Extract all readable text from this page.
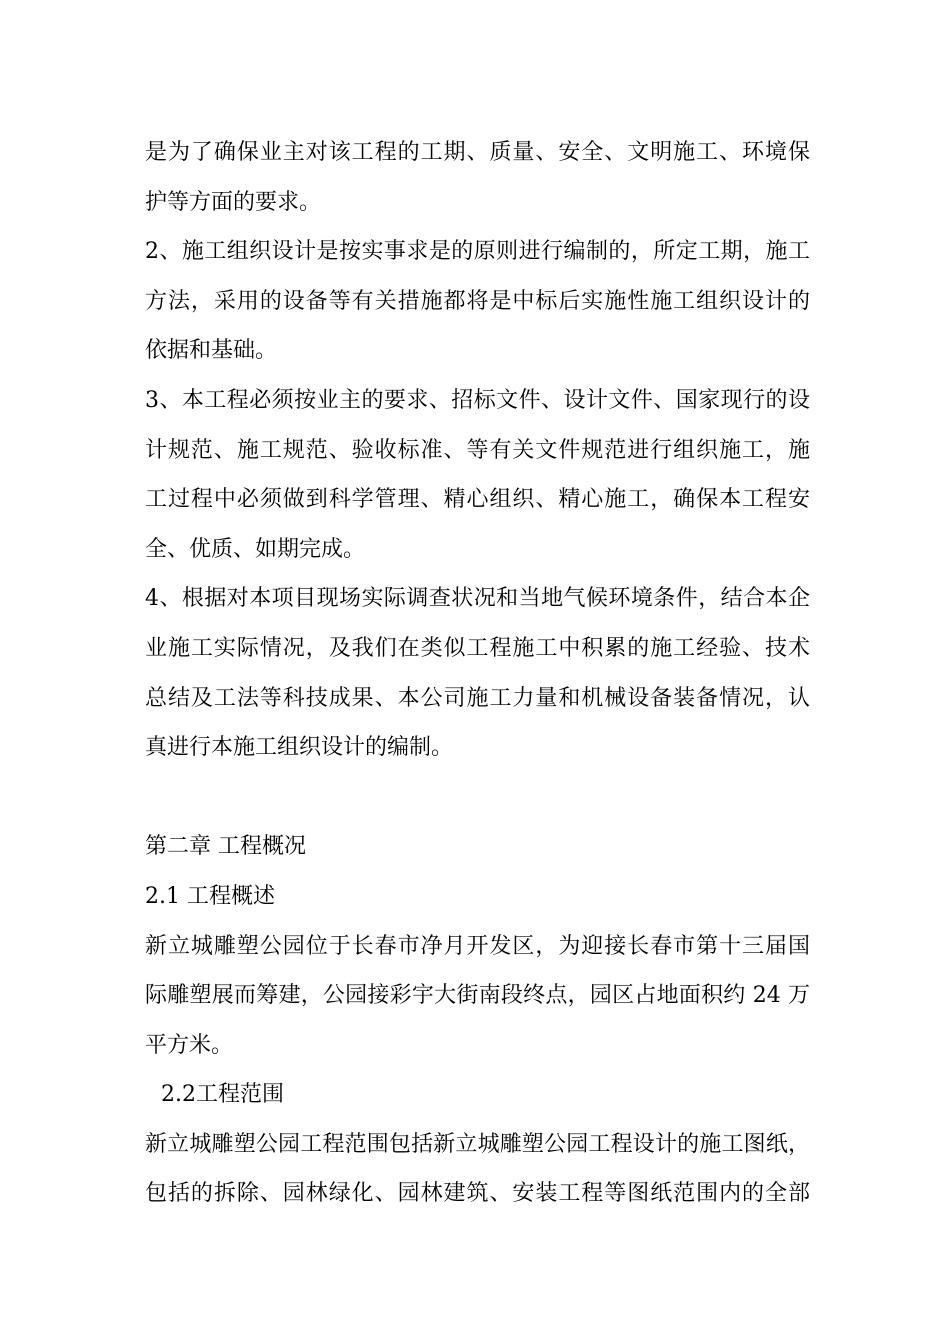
是为了确保业主对该工程的工期、质量、安全、文明施工、环境保
护等方面的要求。
2、施工组织设计是按实事求是的原则进行编制的，所定工期，施工
方法，采用的设备等有关措施都将是中标后实施性施工组织设计的
依据和基础。
3、本工程必须按业主的要求、招标文件、设计文件、国家现行的设
计规范、施工规范、验收标准、等有关文件规范进行组织施工，施
工过程中必须做到科学管理、精心组织、精心施工，确保本工程安
全、优质、如期完成。
4、根据对本项目现场实际调查状况和当地气候环境条件，结合本企
业施工实际情况，及我们在类似工程施工中积累的施工经验、技术
总结及工法等科技成果、本公司施工力量和机械设备装备情况，认
真进行本施工组织设计的编制。
第二章 工程概况
2.1 工程概述
新立城雕塑公园位于长春市净月开发区，为迎接长春市第十三届国
际雕塑展而筹建，公园接彩宇大街南段终点，园区占地面积约 24 万
平方米。
2.2工程范围
新立城雕塑公园工程范围包括新立城雕塑公园工程设计的施工图纸，
包括的拆除、园林绿化、园林建筑、安装工程等图纸范围内的全部
